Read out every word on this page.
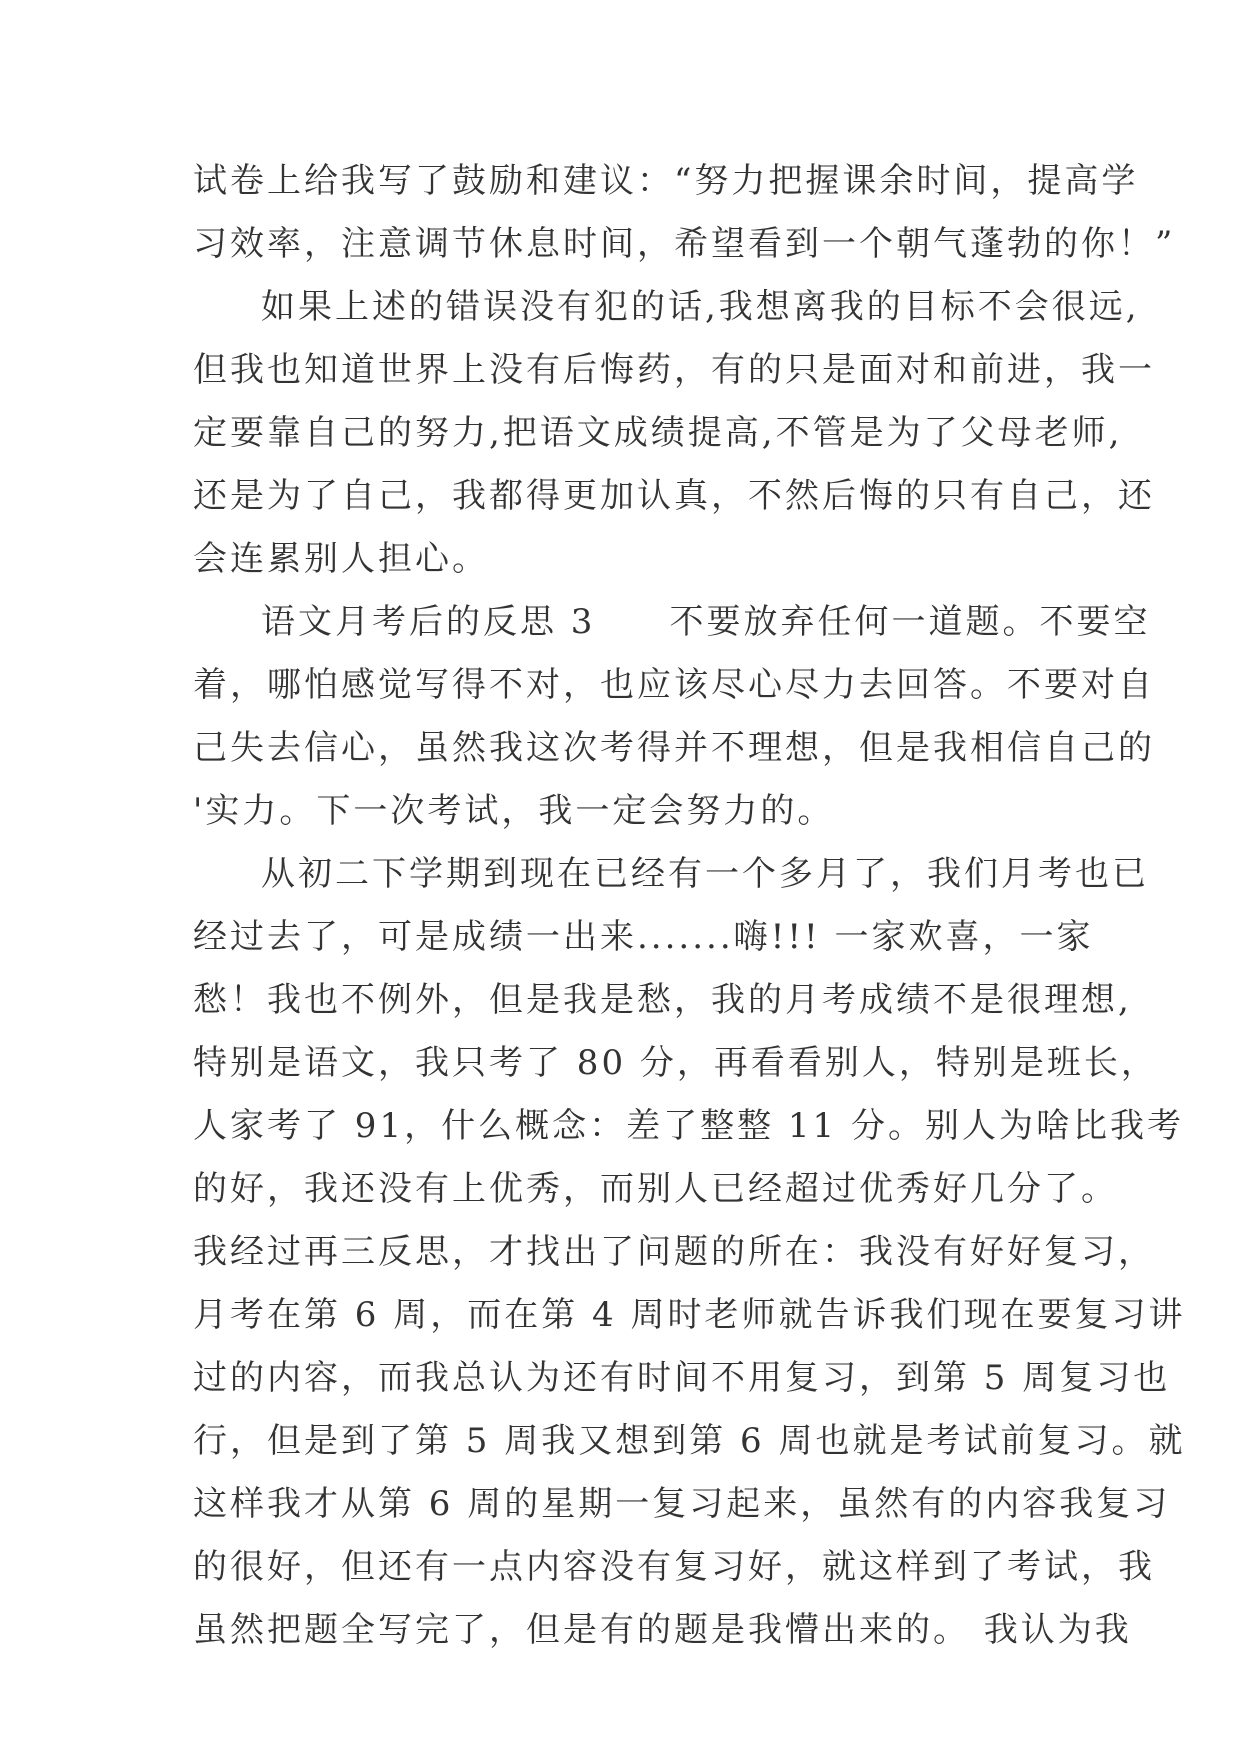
试卷上给我写了鼓励和建议：“努力把握课余时间，提高学
习效率，注意调节休息时间，希望看到一个朝气蓬勃的你！”
如果上述的错误没有犯的话,我想离我的目标不会很远,
但我也知道世界上没有后悔药，有的只是面对和前进，我一
定要靠自己的努力,把语文成绩提高,不管是为了父母老师,
还是为了自己，我都得更加认真，不然后悔的只有自己，还
会连累别人担心。
语文月考后的反思 3　　不要放弃任何一道题。不要空
着，哪怕感觉写得不对，也应该尽心尽力去回答。不要对自
己失去信心，虽然我这次考得并不理想，但是我相信自己的
'实力。下一次考试，我一定会努力的。
从初二下学期到现在已经有一个多月了，我们月考也已
经过去了，可是成绩一出来.......嗨!!! 一家欢喜，一家
愁！我也不例外，但是我是愁，我的月考成绩不是很理想,
特别是语文，我只考了 80 分，再看看别人，特别是班长，
人家考了 91，什么概念：差了整整 11 分。别人为啥比我考
的好，我还没有上优秀，而别人已经超过优秀好几分了。
我经过再三反思，才找出了问题的所在：我没有好好复习，
月考在第 6 周，而在第 4 周时老师就告诉我们现在要复习讲
过的内容，而我总认为还有时间不用复习，到第 5 周复习也
行，但是到了第 5 周我又想到第 6 周也就是考试前复习。就
这样我才从第 6 周的星期一复习起来，虽然有的内容我复习
的很好，但还有一点内容没有复习好，就这样到了考试，我
虽然把题全写完了，但是有的题是我懵出来的。 我认为我
